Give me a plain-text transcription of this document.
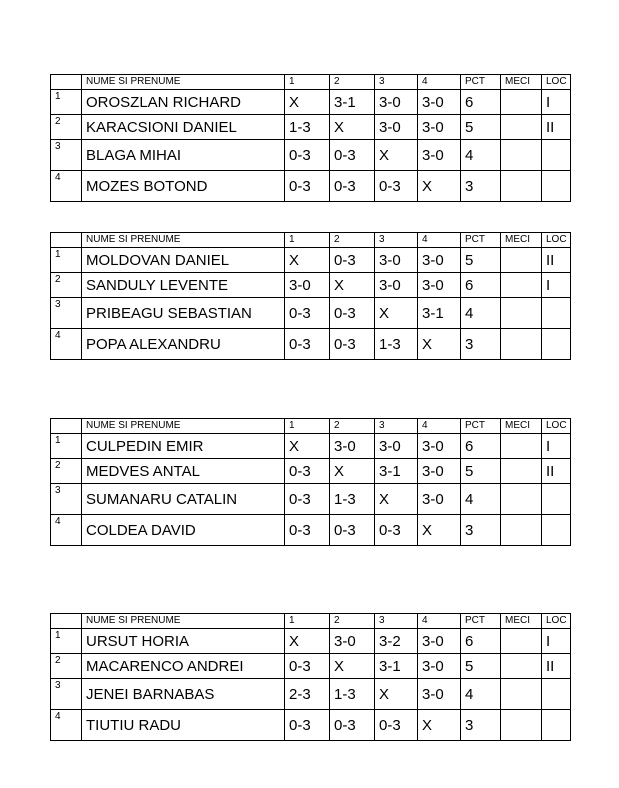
	NUME SI PRENUME	1	2	3	4	PCT	MECI	LOC
1	OROSZLAN RICHARD	X	3-1	3-0	3-0	6		I
2	KARACSIONI DANIEL	1-3	X	3-0	3-0	5		II
3	BLAGA MIHAI	0-3	0-3	X	3-0	4		
4	MOZES BOTOND	0-3	0-3	0-3	X	3		
	NUME SI PRENUME	1	2	3	4	PCT	MECI	LOC
1	MOLDOVAN DANIEL	X	0-3	3-0	3-0	5		II
2	SANDULY LEVENTE	3-0	X	3-0	3-0	6		I
3	PRIBEAGU SEBASTIAN	0-3	0-3	X	3-1	4		
4	POPA ALEXANDRU	0-3	0-3	1-3	X	3		
	NUME SI PRENUME	1	2	3	4	PCT	MECI	LOC
1	CULPEDIN EMIR	X	3-0	3-0	3-0	6		I
2	MEDVES ANTAL	0-3	X	3-1	3-0	5		II
3	SUMANARU CATALIN	0-3	1-3	X	3-0	4		
4	COLDEA DAVID	0-3	0-3	0-3	X	3		
	NUME SI PRENUME	1	2	3	4	PCT	MECI	LOC
1	URSUT HORIA	X	3-0	3-2	3-0	6		I
2	MACARENCO ANDREI	0-3	X	3-1	3-0	5		II
3	JENEI BARNABAS	2-3	1-3	X	3-0	4		
4	TIUTIU RADU	0-3	0-3	0-3	X	3		
